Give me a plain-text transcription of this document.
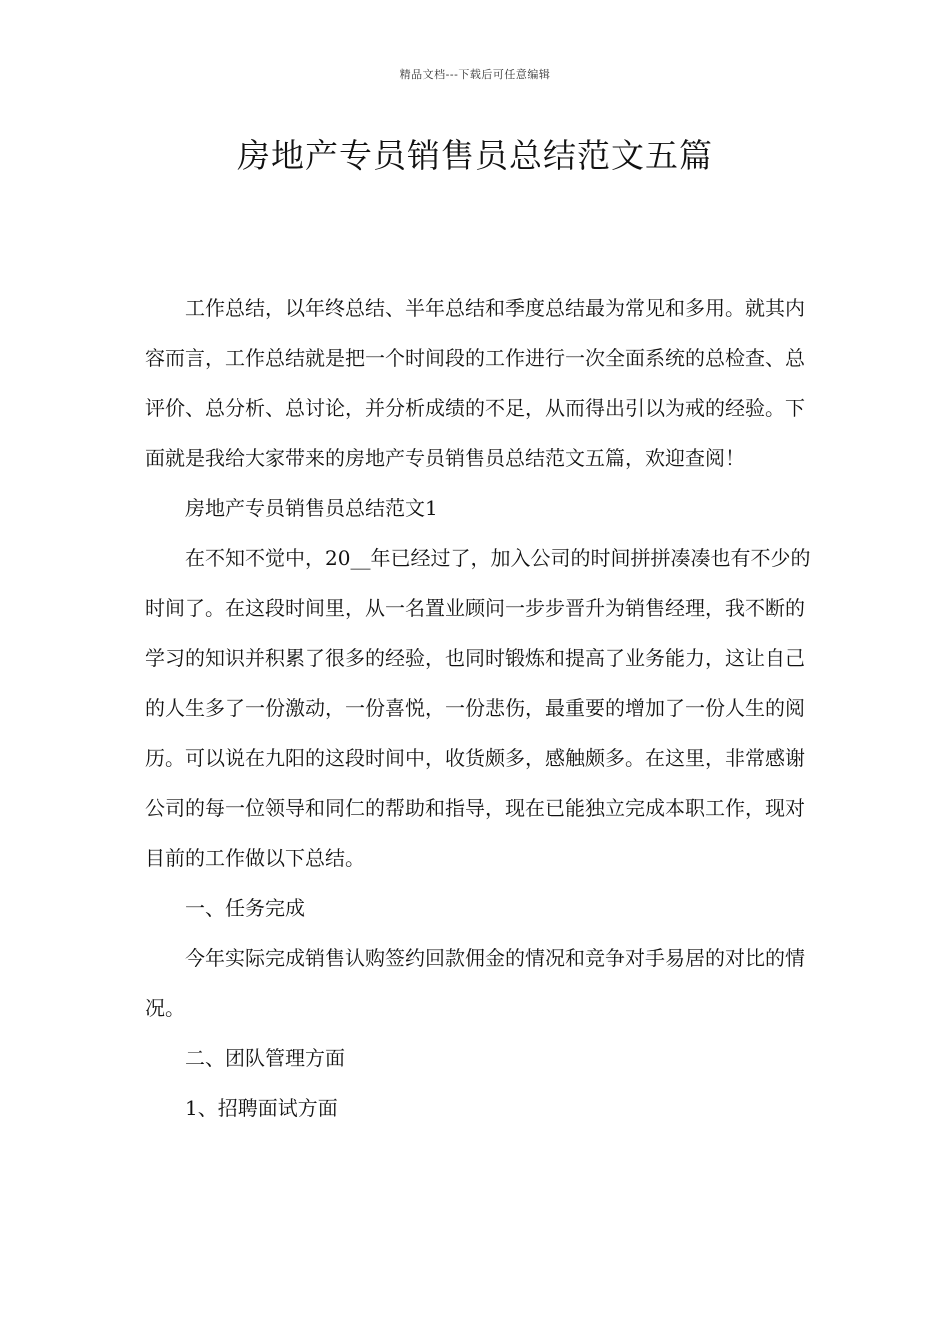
精品文档---下载后可任意编辑
房地产专员销售员总结范文五篇

工作总结，以年终总结、半年总结和季度总结最为常见和多用。就其内容而言，工作总结就是把一个时间段的工作进行一次全面系统的总检查、总评价、总分析、总讨论，并分析成绩的不足，从而得出引以为戒的经验。下面就是我给大家带来的房地产专员销售员总结范文五篇，欢迎查阅！

房地产专员销售员总结范文1

在不知不觉中，20__年已经过了，加入公司的时间拼拼凑凑也有不少的时间了。在这段时间里，从一名置业顾问一步步晋升为销售经理，我不断的学习的知识并积累了很多的经验，也同时锻炼和提高了业务能力，这让自己的人生多了一份激动，一份喜悦，一份悲伤，最重要的增加了一份人生的阅历。可以说在九阳的这段时间中，收货颇多，感触颇多。在这里，非常感谢公司的每一位领导和同仁的帮助和指导，现在已能独立完成本职工作，现对目前的工作做以下总结。

一、任务完成

今年实际完成销售认购签约回款佣金的情况和竞争对手易居的对比的情况。

二、团队管理方面

1、招聘面试方面
